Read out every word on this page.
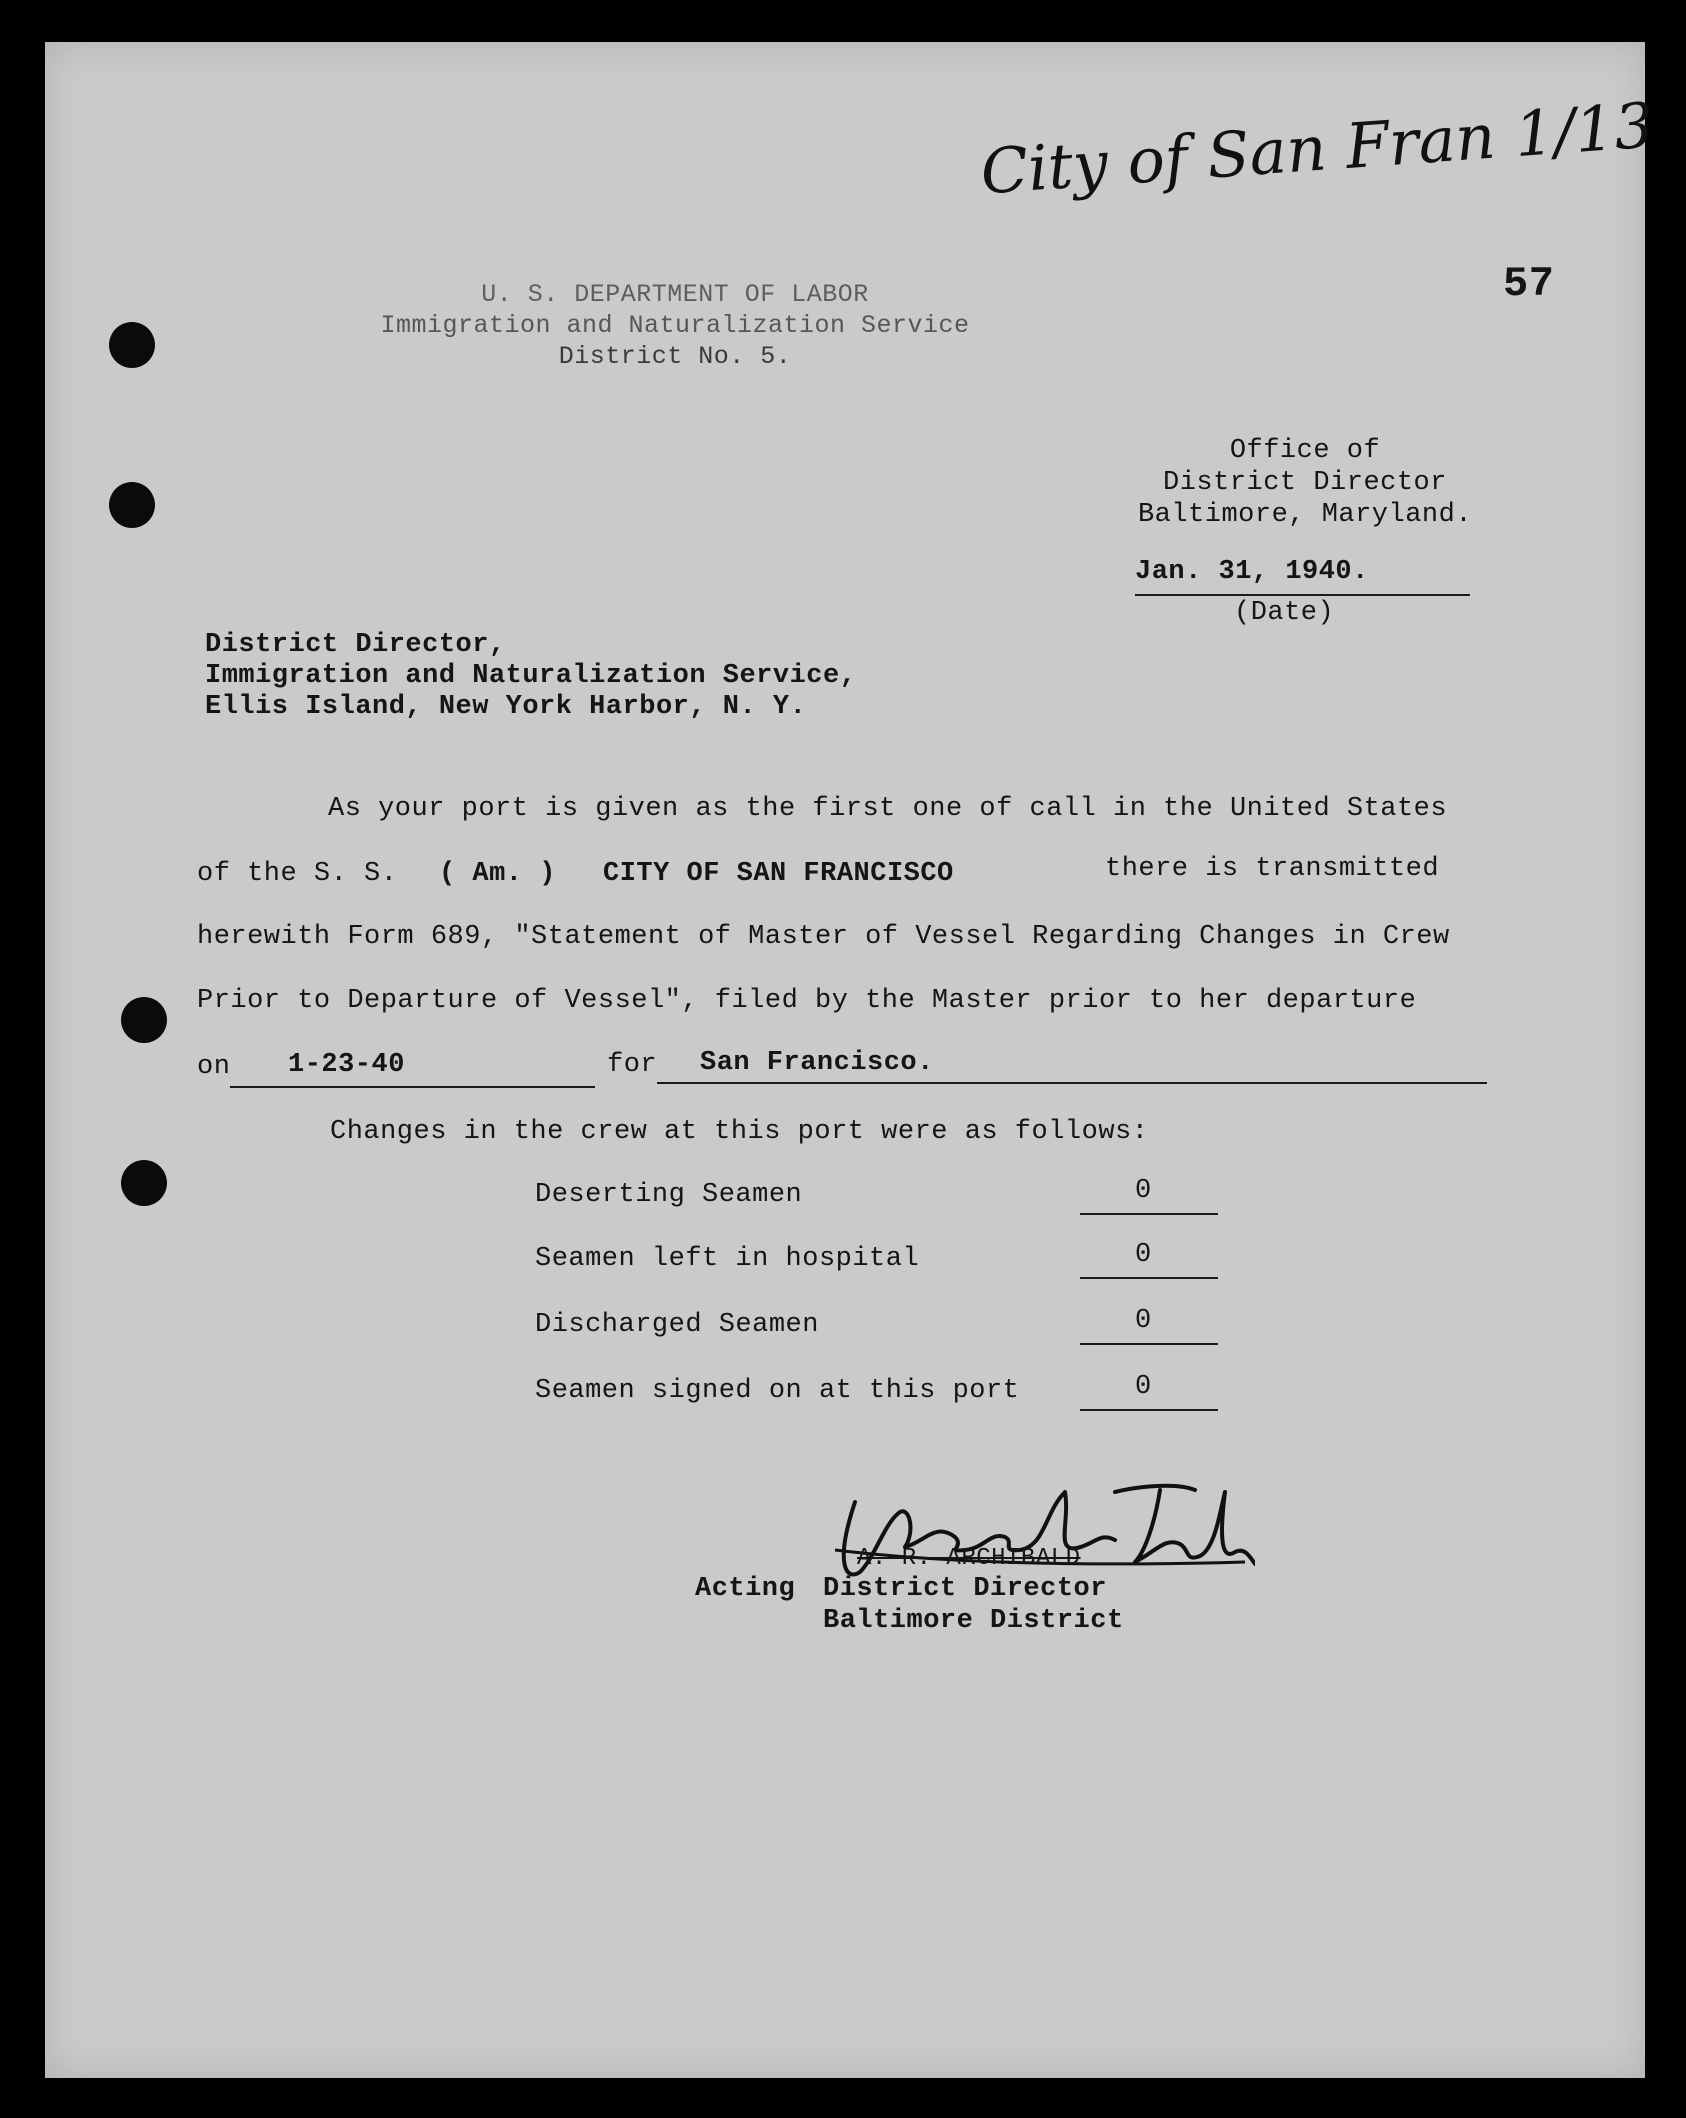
City of San Fran 1/13
57
U. S. DEPARTMENT OF LABOR
Immigration and Naturalization Service
District No. 5.
Office of
District Director
Baltimore, Maryland.
Jan. 31, 1940.
(Date)
District Director,
Immigration and Naturalization Service,
Ellis Island, New York Harbor, N. Y.
As your port is given as the first one of call in the United States
of the S. S. ( Am. ) CITY OF SAN FRANCISCO	there is transmitted
herewith Form 689, "Statement of Master of Vessel Regarding Changes in Crew
Prior to Departure of Vessel", filed by the Master prior to her departure
on 1-23-40	for San Francisco.
Changes in the crew at this port were as follows:
Deserting Seamen	0
Seamen left in hospital	0
Discharged Seamen	0
Seamen signed on at this port	0
A. R. ARCHIBALD
Acting District Director
Baltimore District
